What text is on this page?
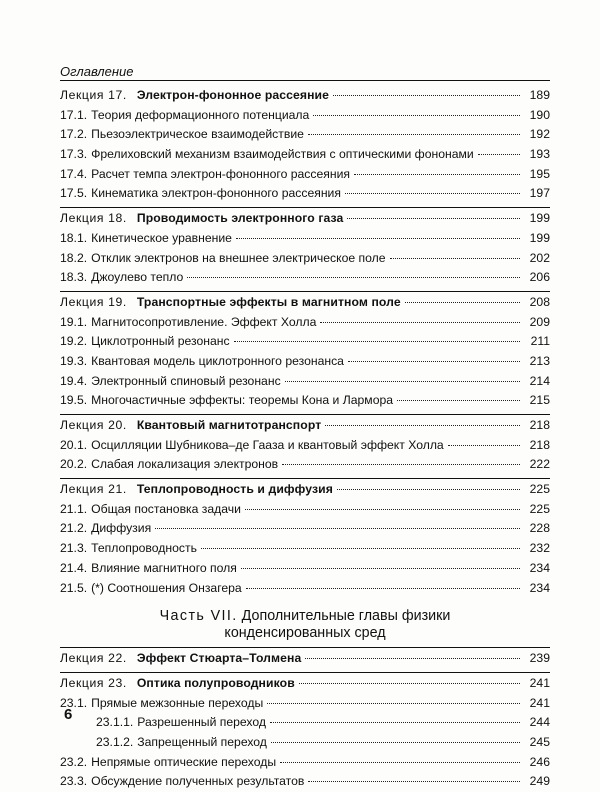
Оглавление
Лекция 17. Электрон-фононное рассеяние	189
17.1. Теория деформационного потенциала	190
17.2. Пьезоэлектрическое взаимодействие	192
17.3. Фрелиховский механизм взаимодействия с оптическими фононами	193
17.4. Расчет темпа электрон-фононного рассеяния	195
17.5. Кинематика электрон-фононного рассеяния	197
Лекция 18. Проводимость электронного газа	199
18.1. Кинетическое уравнение	199
18.2. Отклик электронов на внешнее электрическое поле	202
18.3. Джоулево тепло	206
Лекция 19. Транспортные эффекты в магнитном поле	208
19.1. Магнитосопротивление. Эффект Холла	209
19.2. Циклотронный резонанс	211
19.3. Квантовая модель циклотронного резонанса	213
19.4. Электронный спиновый резонанс	214
19.5. Многочастичные эффекты: теоремы Кона и Лармора	215
Лекция 20. Квантовый магнитотранспорт	218
20.1. Осцилляции Шубникова–де Гааза и квантовый эффект Холла	218
20.2. Слабая локализация электронов	222
Лекция 21. Теплопроводность и диффузия	225
21.1. Общая постановка задачи	225
21.2. Диффузия	228
21.3. Теплопроводность	232
21.4. Влияние магнитного поля	234
21.5. (*) Соотношения Онзагера	234
Часть VII. Дополнительные главы физики
конденсированных сред
Лекция 22. Эффект Стюарта–Толмена	239
Лекция 23. Оптика полупроводников	241
23.1. Прямые межзонные переходы	241
23.1.1. Разрешенный переход	244
23.1.2. Запрещенный переход	245
23.2. Непрямые оптические переходы	246
23.3. Обсуждение полученных результатов	249
6
